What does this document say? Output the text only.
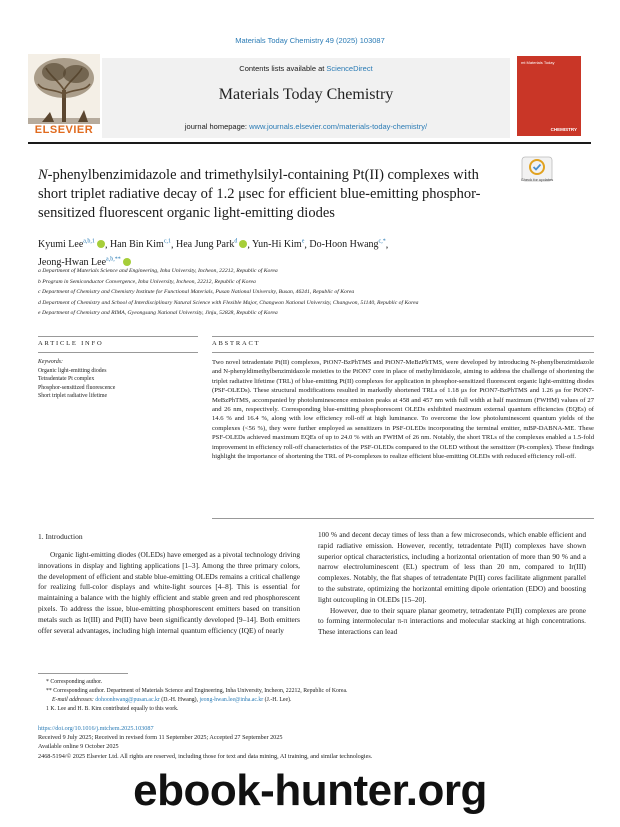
Materials Today Chemistry 49 (2025) 103087
ELSEVIER
Contents lists available at ScienceDirect
Materials Today Chemistry
journal homepage: www.journals.elsevier.com/materials-today-chemistry/
mt Materials Today
CHEMISTRY
N-phenylbenzimidazole and trimethylsilyl-containing Pt(II) complexes with short triplet radiative decay of 1.2 μsec for efficient blue-emitting phosphor-sensitized fluorescent organic light-emitting diodes
Check for updates
Kyumi Lee$^{a,b,1}$ , Han Bin Kim$^{c,1}$, Hea Jung Park$^d$ , Yun-Hi Kim$^e$, Do-Hoon Hwang$^{c,*}$,
Jeong-Hwan Lee$^{a,b,**}$
a Department of Materials Science and Engineering, Inha University, Incheon, 22212, Republic of Korea
b Program in Semiconductor Convergence, Inha University, Incheon, 22212, Republic of Korea
c Department of Chemistry and Chemistry Institute for Functional Materials, Pusan National University, Busan, 46241, Republic of Korea
d Department of Chemistry and School of Interdisciplinary Natural Science with Flexible Major, Changwon National University, Changwon, 51140, Republic of Korea
e Department of Chemistry and RIMA, Gyeongsang National University, Jinju, 52828, Republic of Korea
ARTICLE INFO	ABSTRACT
Keywords:
Organic light-emitting diodes
Tetradentate Pt complex
Phosphor-sensitized fluorescence
Short triplet radiative lifetime
Two novel tetradentate Pt(II) complexes, PtON7-BzPhTMS and PtON7-MeBzPhTMS, were developed by introducing N-phenylbenzimidazole and N-phenyldimethylbenzimidazole moieties to the PtON7 core in place of methylimidazole, aiming to address the challenge of shortening the triplet radiative lifetime (TRL) of blue-emitting Pt(II) complexes for application in phosphor-sensitized fluorescent organic light-emitting diodes (PSF-OLEDs). These structural modifications resulted in markedly shortened TRLs of 1.18 μs for PtON7-BzPhTMS and 1.26 μs for PtON7-MeBzPhTMS, accompanied by photoluminescence emission peaks at 458 and 457 nm with full width at half maximum (FWHM) values of 27 and 26 nm, respectively. Corresponding blue-emitting phosphorescent OLEDs exhibited maximum external quantum efficiencies (EQEs) of 14.6 % and 16.4 %, along with low efficiency roll-off at high luminance. To overcome the low photoluminescent quantum yields of the complexes (<56 %), they were further employed as sensitizers in PSF-OLEDs incorporating the terminal emitter, mBP-DABNA-ME. These PSF-OLEDs achieved maximum EQEs of up to 24.0 % with an FWHM of 26 nm. Notably, the short TRLs of the complexes enabled a 1.5-fold improvement in efficiency roll-off characteristics of the PSF-OLEDs compared to the OLED without the sensitizer (Pt-complex). These findings highlight the importance of shortening the TRL of Pt-complexes to realize efficient blue-emitting OLEDs with reduced efficiency roll-off.
1. Introduction
Organic light-emitting diodes (OLEDs) have emerged as a pivotal technology driving innovations in display and lighting applications [1–3]. Among the three primary colors, the development of efficient and stable blue-emitting OLEDs remains a critical challenge for realizing full-color displays and white-light sources [4–8]. This is essential for maintaining a balance with the highly efficient and stable green and red phosphorescent pixels. To address the issue, blue-emitting phosphorescent emitters based on transition metals such as Ir(III) and Pt(II) have been significantly developed [9–14]. Both emitters offer several advantages, including high internal quantum efficiency (IQE) of nearly

100 % and decent decay times of less than a few microseconds, which enable efficient and rapid radiative emission. However, recently, tetradentate Pt(II) complexes have shown superior optical characteristics, including a horizontal orientation of more than 90 % and a narrow electroluminescent (EL) spectrum of less than 20 nm, compared to Ir(III) complexes. Notably, the flat shapes of tetradentate Pt(II) cores facilitate alignment parallel to the substrate, optimizing the horizontal emitting dipole orientation (EDO) and boosting light outcoupling in OLEDs [15–20].

However, due to their square planar geometry, tetradentate Pt(II) complexes are prone to forming intermolecular π-π interactions and molecular stacking at high concentrations. These interactions can lead

* Corresponding author.
** Corresponding author. Department of Materials Science and Engineering, Inha University, Incheon, 22212, Republic of Korea.
E-mail addresses: dohoonhwang@pusan.ac.kr (D.-H. Hwang), jeong-hwan.lee@inha.ac.kr (J.-H. Lee).
1 K. Lee and H. B. Kim contributed equally to this work.
https://doi.org/10.1016/j.mtchem.2025.103087
Received 9 July 2025; Received in revised form 11 September 2025; Accepted 27 September 2025
Available online 9 October 2025
2468-5194/© 2025 Elsevier Ltd. All rights are reserved, including those for text and data mining, AI training, and similar technologies.
ebook-hunter.org
